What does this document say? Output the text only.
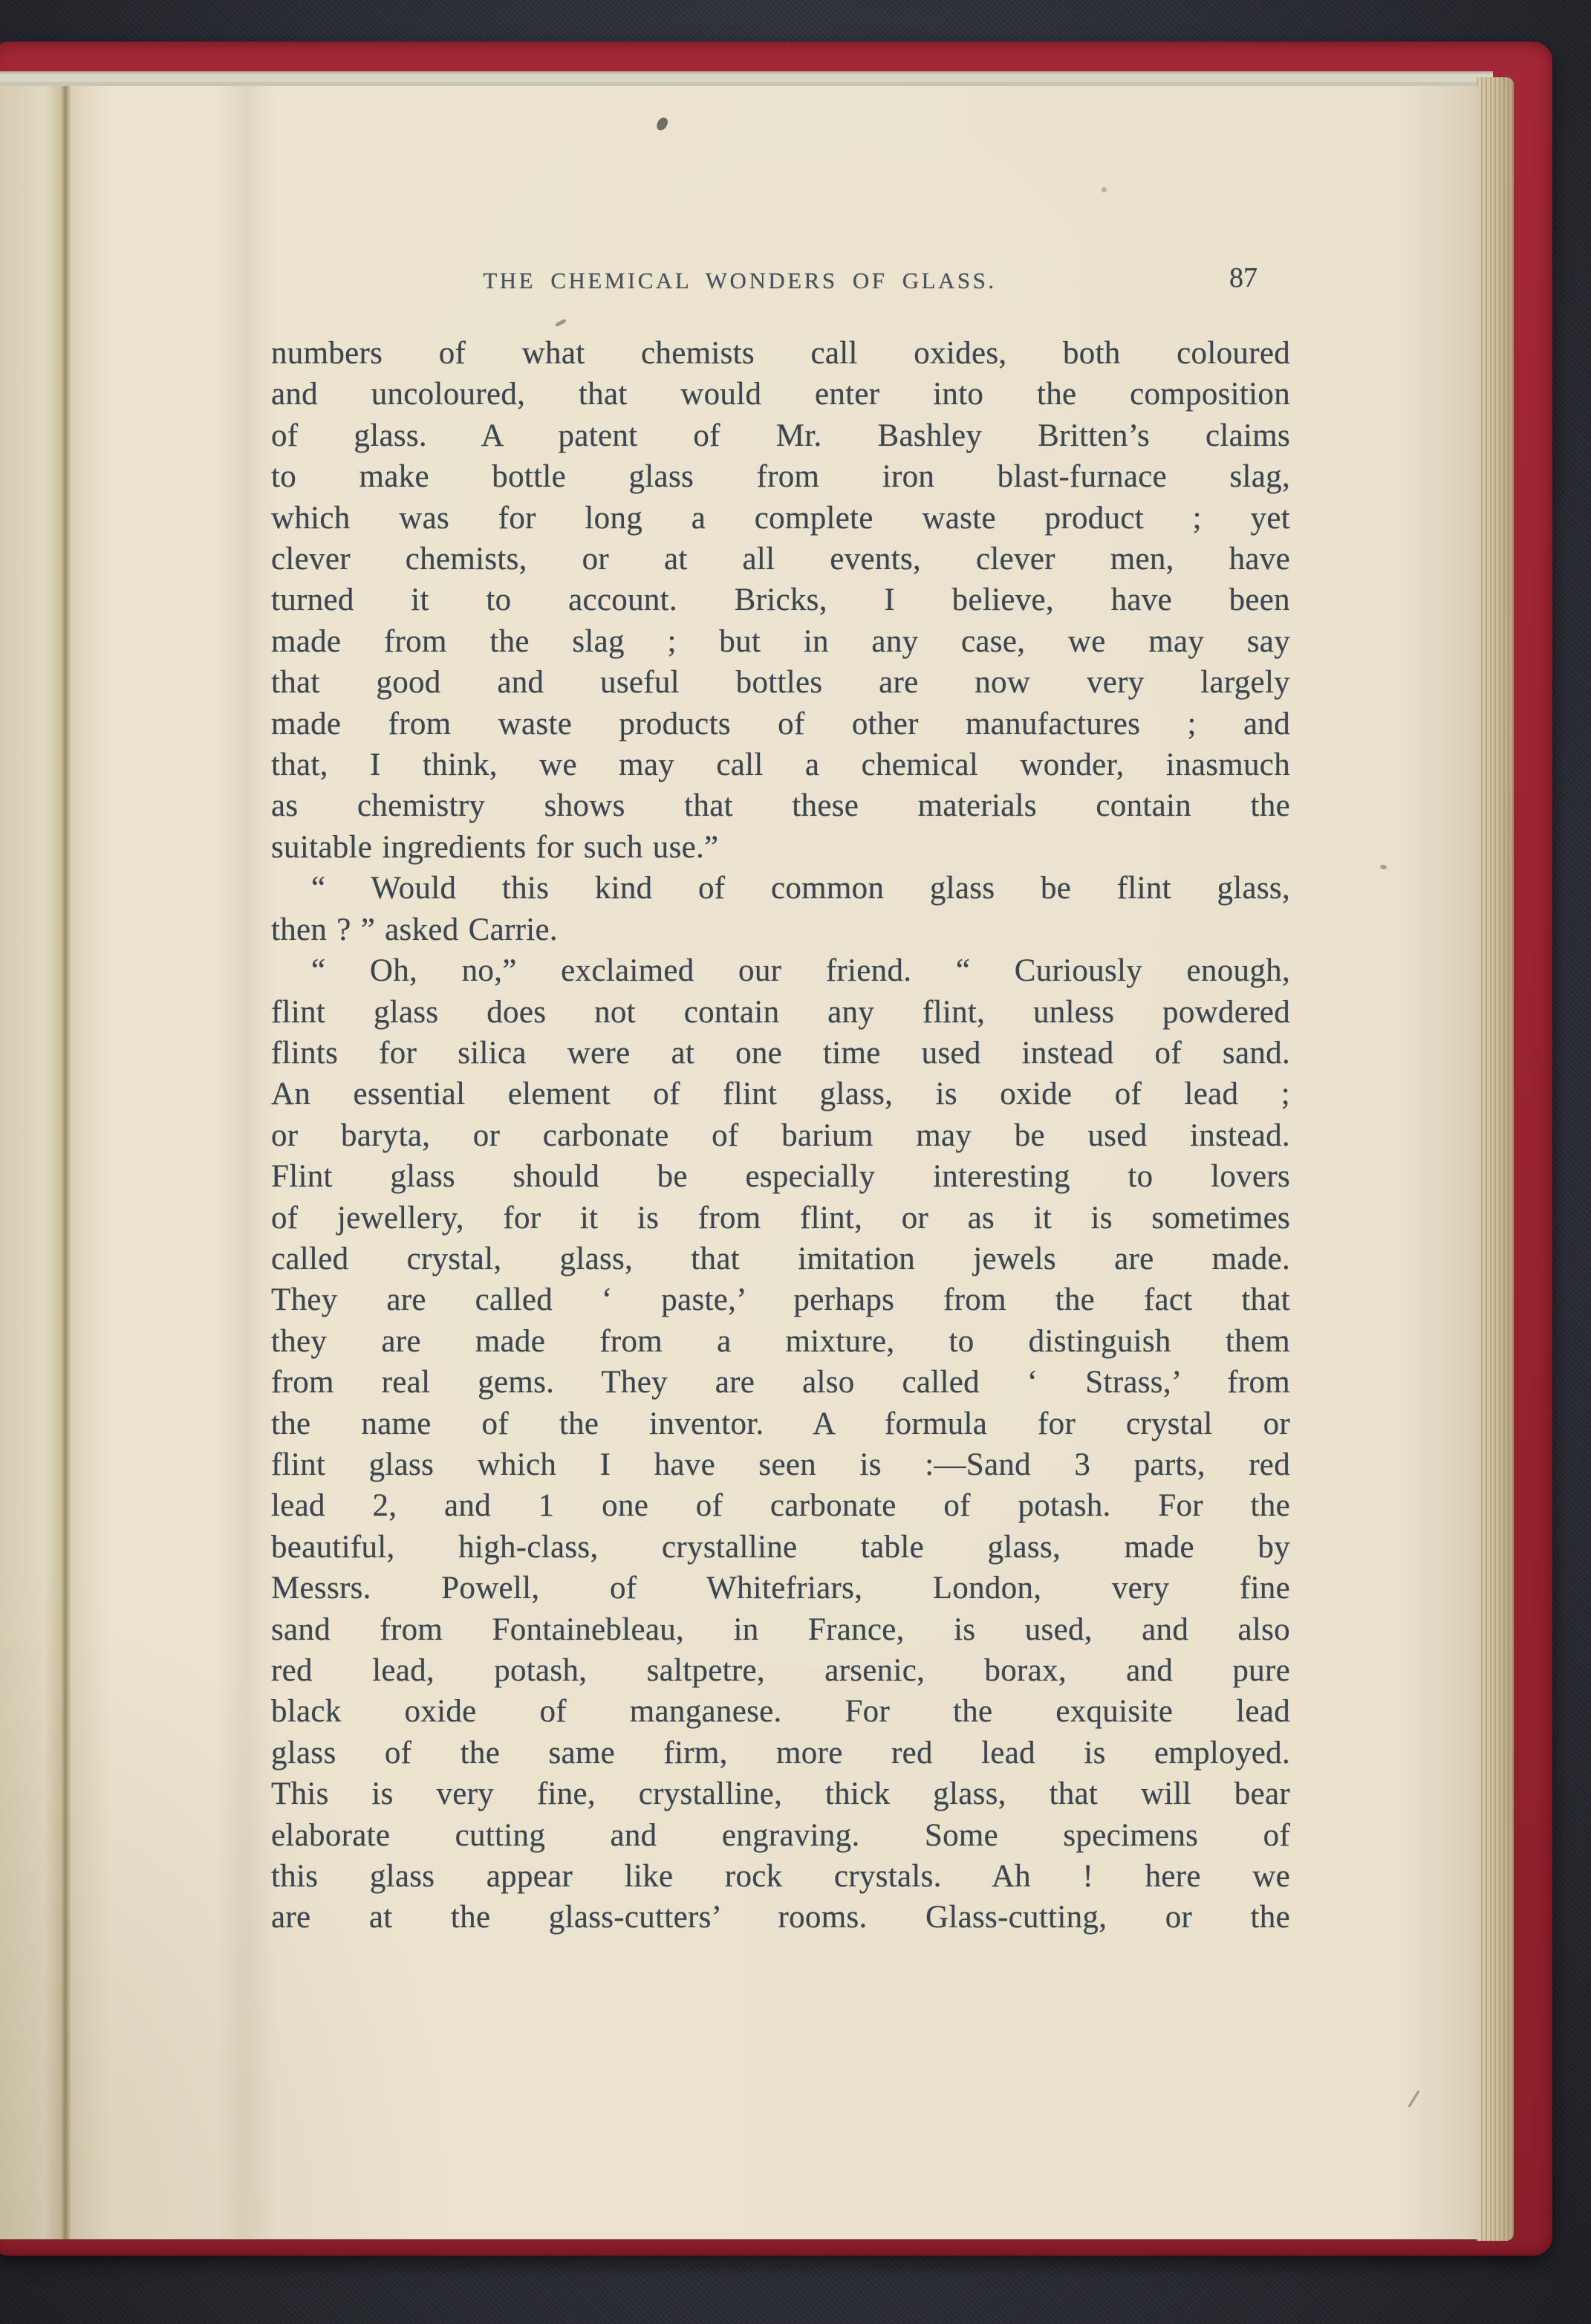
THE CHEMICAL WONDERS OF GLASS.	87
numbers of what chemists call oxides, both coloured
and uncoloured, that would enter into the composition
of glass. A patent of Mr. Bashley Britten’s claims
to make bottle glass from iron blast-furnace slag,
which was for long a complete waste product ; yet
clever chemists, or at all events, clever men, have
turned it to account. Bricks, I believe, have been
made from the slag ; but in any case, we may say
that good and useful bottles are now very largely
made from waste products of other manufactures ; and
that, I think, we may call a chemical wonder, inasmuch
as chemistry shows that these materials contain the
suitable ingredients for such use.”
“ Would this kind of common glass be flint glass,
then ? ” asked Carrie.
“ Oh, no,” exclaimed our friend. “ Curiously enough,
flint glass does not contain any flint, unless powdered
flints for silica were at one time used instead of sand.
An essential element of flint glass, is oxide of lead ;
or baryta, or carbonate of barium may be used instead.
Flint glass should be especially interesting to lovers
of jewellery, for it is from flint, or as it is sometimes
called crystal, glass, that imitation jewels are made.
They are called ‘ paste,’ perhaps from the fact that
they are made from a mixture, to distinguish them
from real gems. They are also called ‘ Strass,’ from
the name of the inventor. A formula for crystal or
flint glass which I have seen is :—Sand 3 parts, red
lead 2, and 1 one of carbonate of potash. For the
beautiful, high-class, crystalline table glass, made by
Messrs. Powell, of Whitefriars, London, very fine
sand from Fontainebleau, in France, is used, and also
red lead, potash, saltpetre, arsenic, borax, and pure
black oxide of manganese. For the exquisite lead
glass of the same firm, more red lead is employed.
This is very fine, crystalline, thick glass, that will bear
elaborate cutting and engraving. Some specimens of
this glass appear like rock crystals. Ah ! here we
are at the glass-cutters’ rooms. Glass-cutting, or the
